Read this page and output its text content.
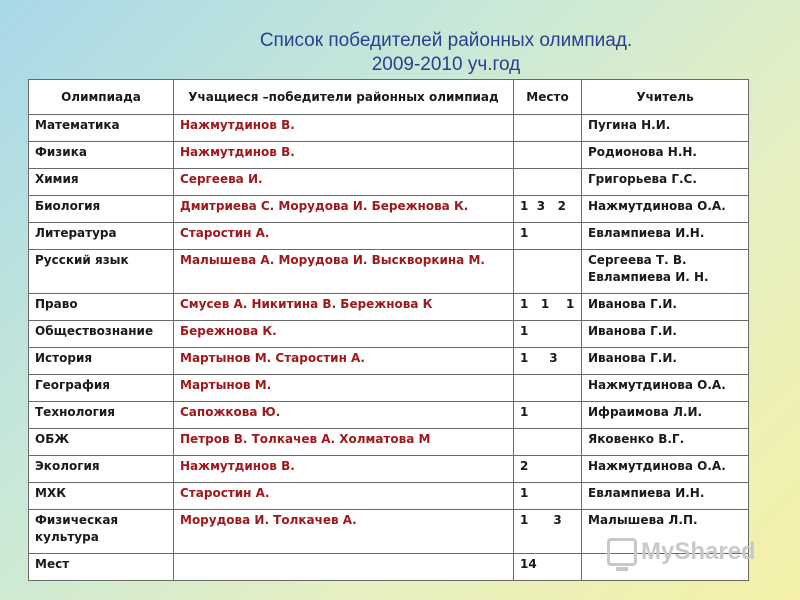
Список победителей районных олимпиад.
2009-2010 уч.год
Олимпиада	Учащиеся –победители районных олимпиад	Место	Учитель
Математика	Нажмутдинов В.		Пугина Н.И.
Физика	Нажмутдинов В.		Родионова Н.Н.
Химия	Сергеева И.		Григорьева Г.С.
Биология	Дмитриева С. Морудова И. Бережнова К.	1  3   2	Нажмутдинова О.А.
Литература	Старостин А.	1	Евлампиева И.Н.
Русский язык	Малышева А. Морудова И. Выскворкина М.		Сергеева Т. В.
Евлампиева И. Н.
Право	Смусев А. Никитина В. Бережнова К	1   1    1	Иванова Г.И.
Обществознание	Бережнова К.	1	Иванова Г.И.
История	Мартынов М. Старостин А.	1     3	Иванова Г.И.
География	Мартынов М.		Нажмутдинова О.А.
Технология	Сапожкова Ю.	1	Ифраимова Л.И.
ОБЖ	Петров В. Толкачев А. Холматова М		Яковенко В.Г.
Экология	Нажмутдинов В.	2	Нажмутдинова О.А.
МХК	Старостин А.	1	Евлампиева И.Н.
Физическая культура	Морудова И. Толкачев А.	1      3	Малышева Л.П.
Мест		14		MyShared
